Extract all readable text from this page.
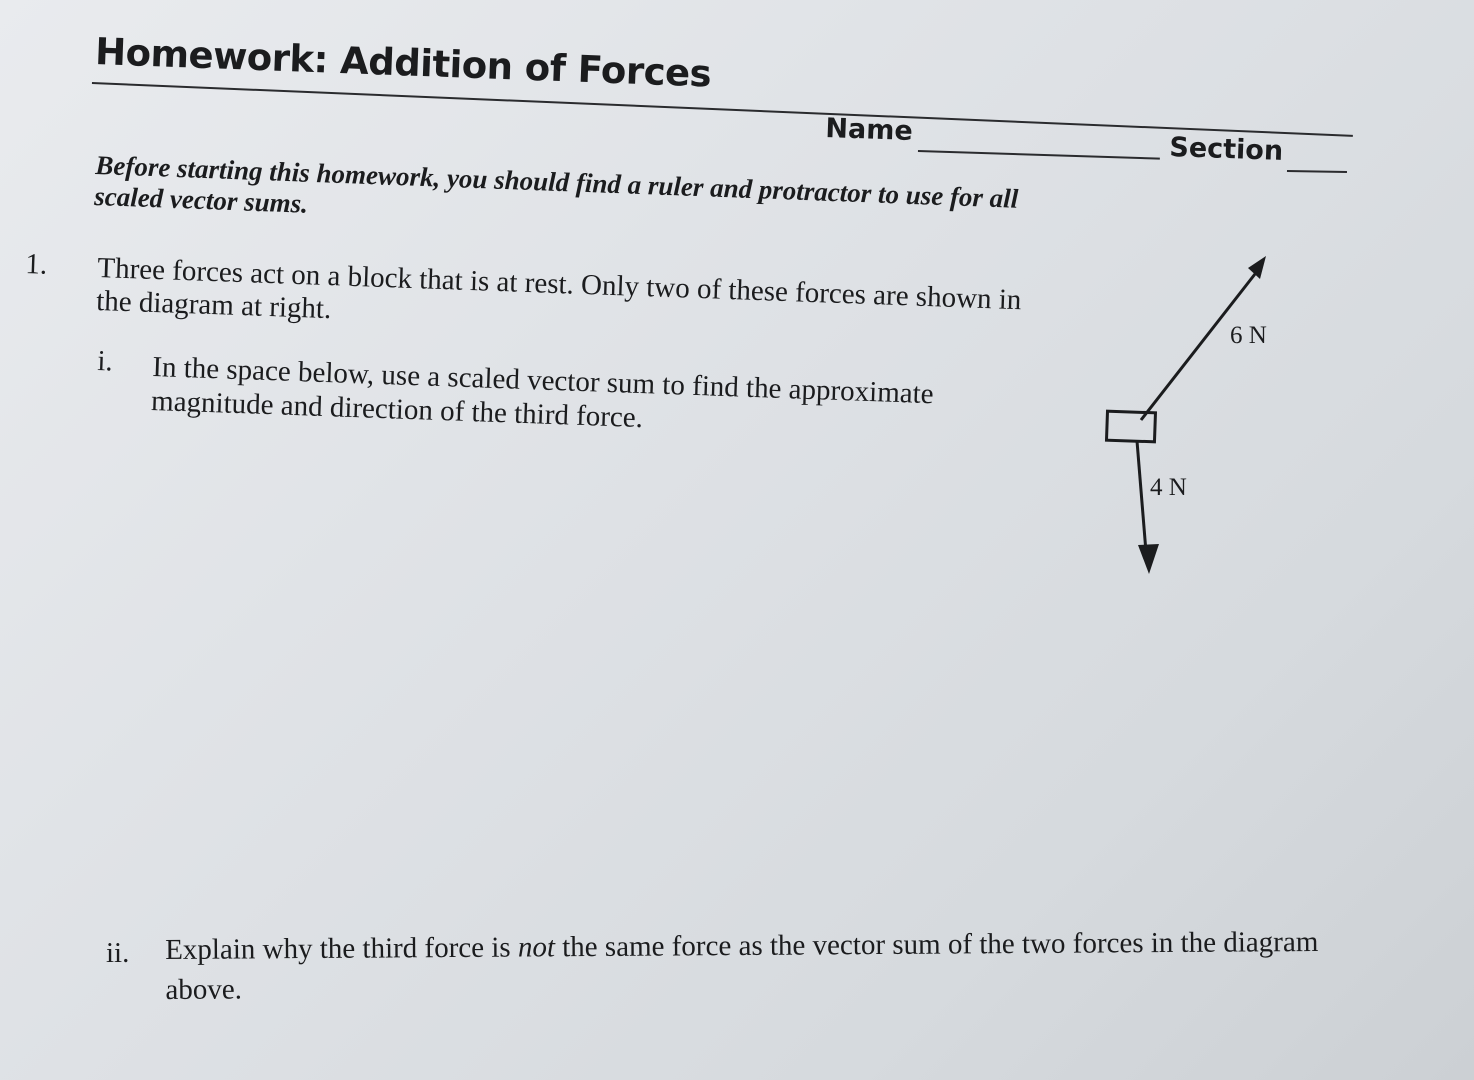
Homework: Addition of Forces
Name
Section
Before starting this homework, you should find a ruler and protractor to use for all scaled vector sums.
1. Three forces act on a block that is at rest. Only two of these forces are shown in the diagram at right.
i. In the space below, use a scaled vector sum to find the approximate magnitude and direction of the third force.
ii. Explain why the third force is not the same force as the vector sum of the two forces in the diagram above.
6 N
4 N
